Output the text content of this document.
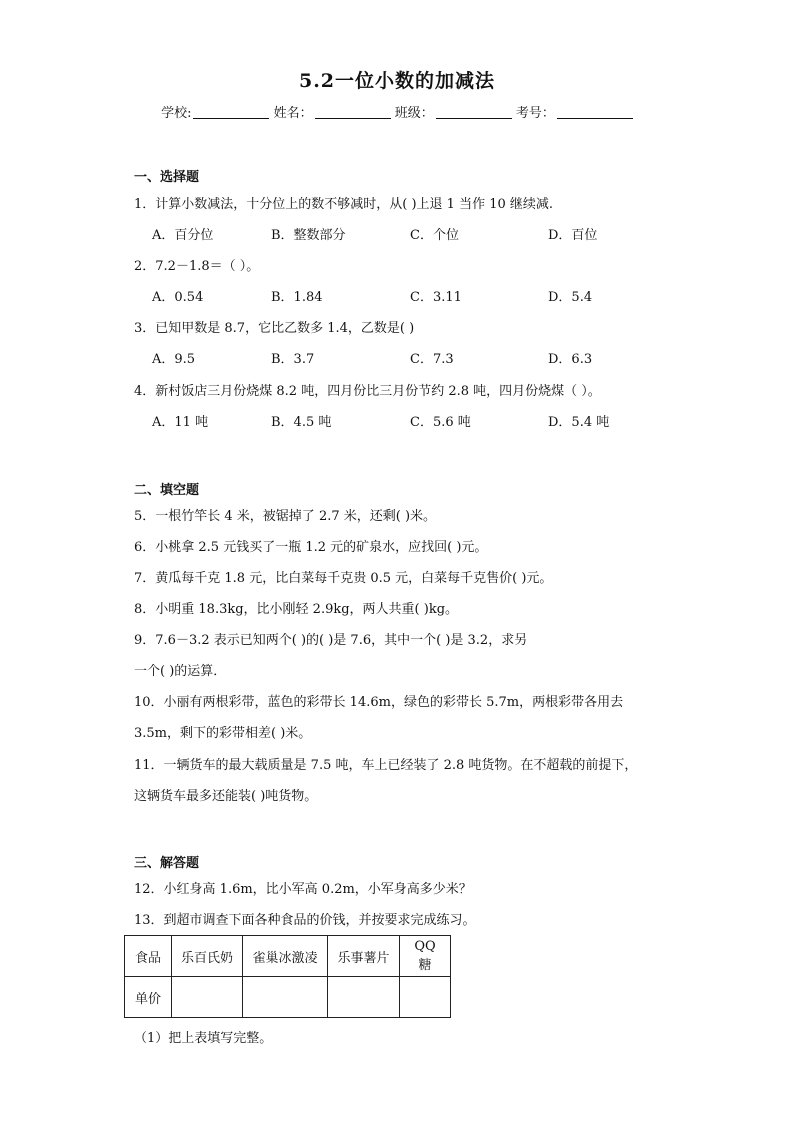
5.2一位小数的加减法
学校:	姓名：	班级：	考号：
一、选择题
1．计算小数减法，十分位上的数不够减时，从( )上退 1 当作 10 继续减.
A．百分位	B．整数部分	C．个位	D．百位
2．7.2－1.8＝（ ）。
A．0.54	B．1.84	C．3.11	D．5.4
3．已知甲数是 8.7，它比乙数多 1.4，乙数是( )
A．9.5	B．3.7	C．7.3	D．6.3
4．新村饭店三月份烧煤 8.2 吨，四月份比三月份节约 2.8 吨，四月份烧煤（ ）。
A．11 吨	B．4.5 吨	C．5.6 吨	D．5.4 吨
二、填空题
5．一根竹竿长 4 米，被锯掉了 2.7 米，还剩( )米。
6．小桃拿 2.5 元钱买了一瓶 1.2 元的矿泉水，应找回( )元。
7．黄瓜每千克 1.8 元，比白菜每千克贵 0.5 元，白菜每千克售价( )元。
8．小明重 18.3kg，比小刚轻 2.9kg，两人共重( )kg。
9．7.6－3.2 表示已知两个( )的( )是 7.6，其中一个( )是 3.2，求另
一个( )的运算．
10．小丽有两根彩带，蓝色的彩带长 14.6m，绿色的彩带长 5.7m，两根彩带各用去
3.5m，剩下的彩带相差( )米。
11．一辆货车的最大载质量是 7.5 吨，车上已经装了 2.8 吨货物。在不超载的前提下，
这辆货车最多还能装( )吨货物。
三、解答题
12．小红身高 1.6m，比小军高 0.2m，小军身高多少米？
13．到超市调查下面各种食品的价钱，并按要求完成练习。
食品	乐百氏奶	雀巢冰激凌	乐事薯片	QQ 糖
单价				
（1）把上表填写完整。
